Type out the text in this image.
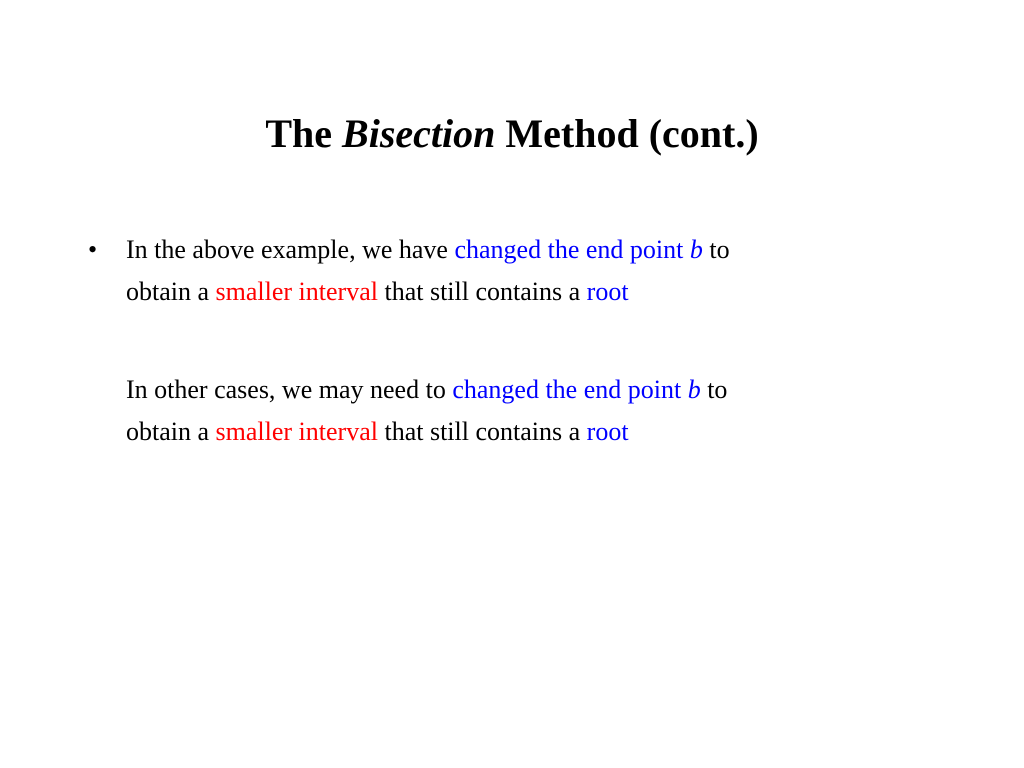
The Bisection Method (cont.)
• In the above example, we have changed the end point b to
obtain a smaller interval that still contains a root
In other cases, we may need to changed the end point b to
obtain a smaller interval that still contains a root
